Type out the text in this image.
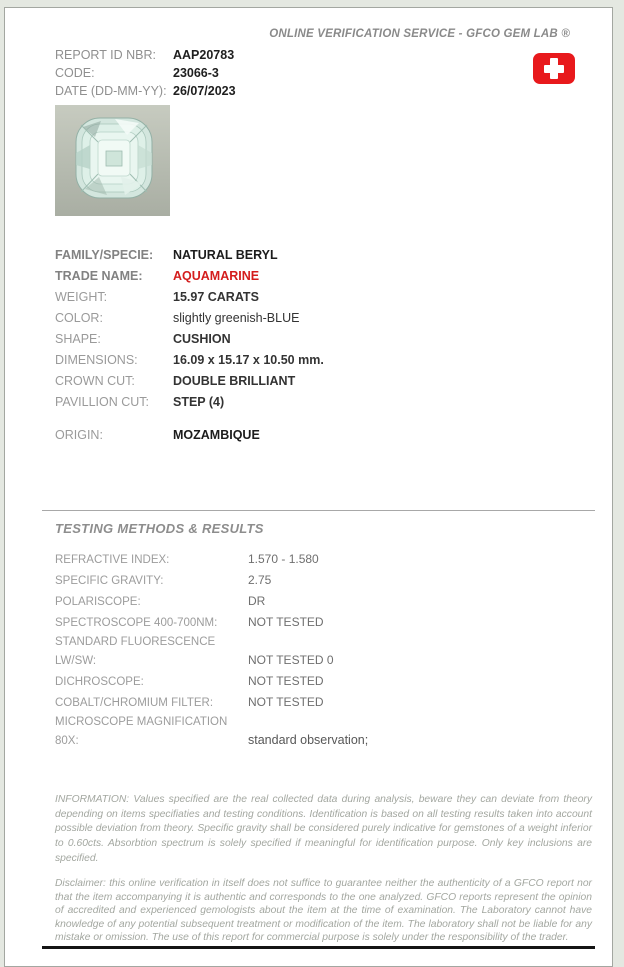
ONLINE VERIFICATION SERVICE - GFCO GEM LAB ®
REPORT ID NBR: AAP20783
CODE:	23066-3
DATE (DD-MM-YY): 26/07/2023
FAMILY/SPECIE: NATURAL BERYL
TRADE NAME: AQUAMARINE
WEIGHT:	15.97 CARATS
COLOR:	slightly greenish-BLUE
SHAPE:	CUSHION
DIMENSIONS:	16.09 x 15.17 x 10.50 mm.
CROWN CUT:	DOUBLE BRILLIANT
PAVILLION CUT: STEP (4)
ORIGIN:	MOZAMBIQUE
TESTING METHODS & RESULTS
REFRACTIVE INDEX:	1.570 - 1.580
SPECIFIC GRAVITY:	2.75
POLARISCOPE:	DR
SPECTROSCOPE 400-700NM:	NOT TESTED
STANDARD FLUORESCENCE LW/SW:	NOT TESTED 0
DICHROSCOPE:	NOT TESTED
COBALT/CHROMIUM FILTER:	NOT TESTED
MICROSCOPE MAGNIFICATION 80X:	standard observation;
INFORMATION: Values specified are the real collected data during analysis, beware they can deviate from theory depending on items specifiaties and testing conditions. Identification is based on all testing results taken into account possible deviation from theory. Specific gravity shall be considered purely indicative for gemstones of a weight inferior to 0.60cts. Absorbtion spectrum is solely specified if meaningful for identification purpose. Only key inclusions are specified.
Disclaimer: this online verification in itself does not suffice to guarantee neither the authenticity of a GFCO report nor that the item accompanying it is authentic and corresponds to the one analyzed. GFCO reports represent the opinion of accredited and experienced gemologists about the item at the time of examination. The Laboratory cannot have knowledge of any potential subsequent treatment or modification of the item. The laboratory shall not be liable for any mistake or omission. The use of this report for commercial purpose is solely under the responsibility of the trader.
